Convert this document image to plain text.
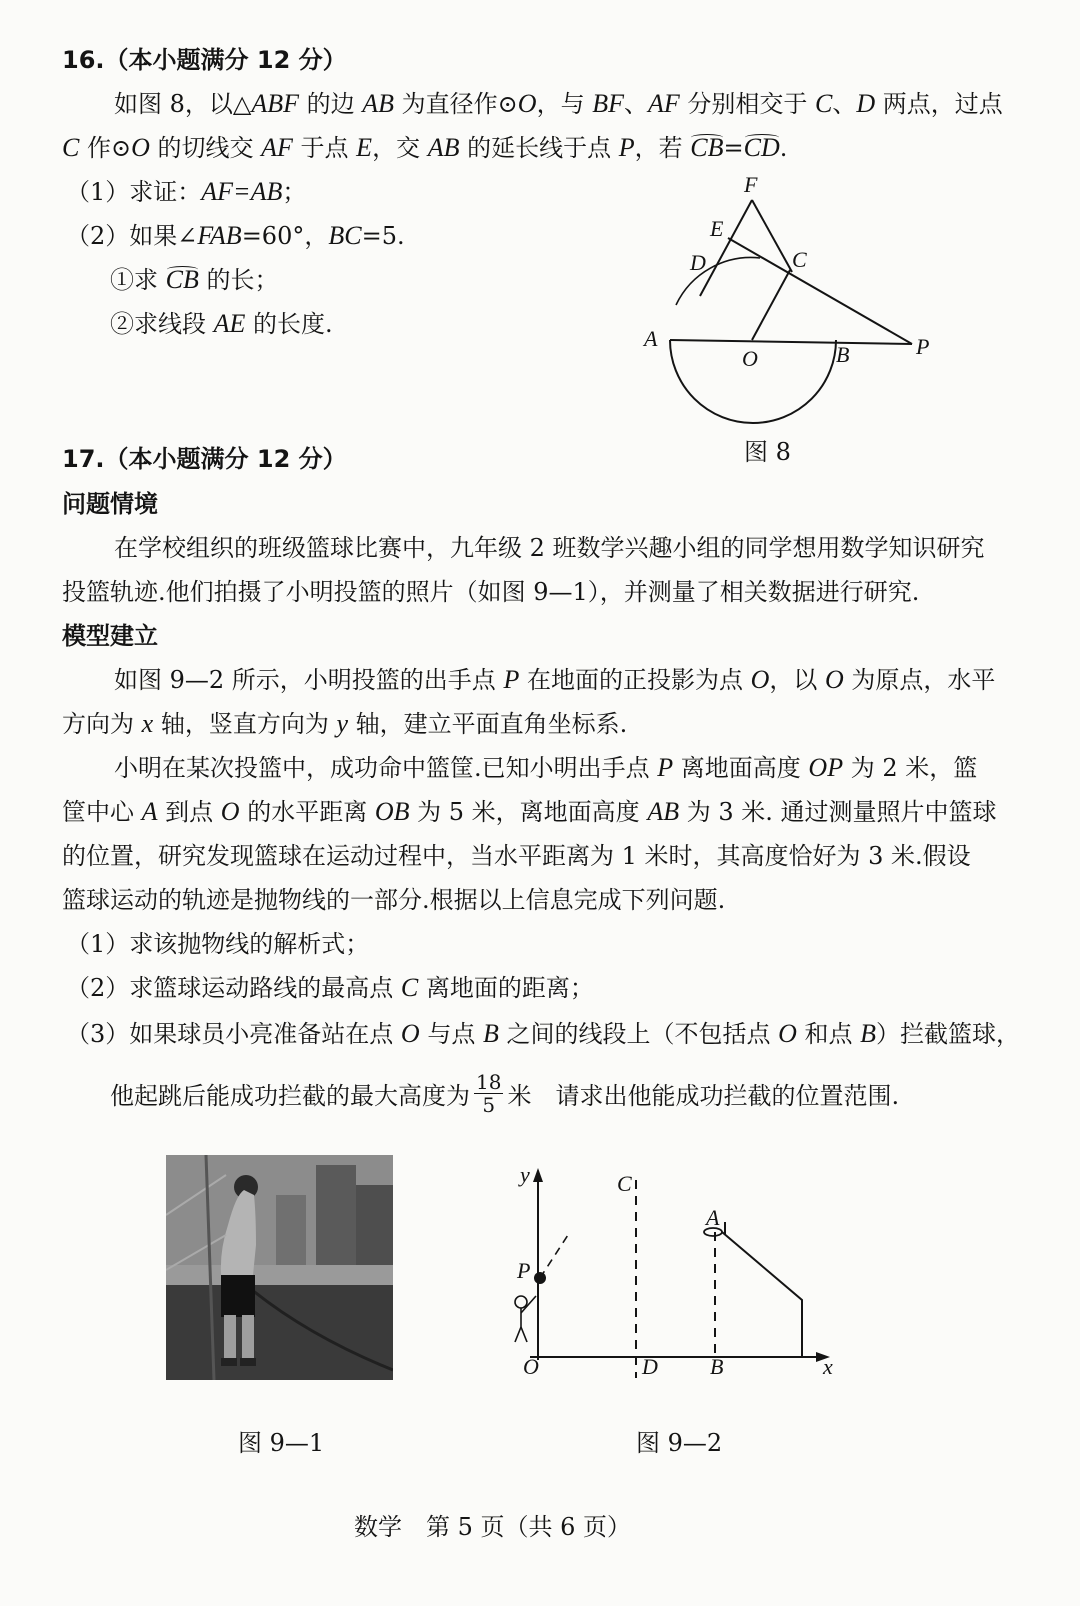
16.（本小题满分 12 分）
如图 8，以△ABF 的边 AB 为直径作⊙O，与 BF、AF 分别相交于 C、D 两点，过点
C 作⊙O 的切线交 AF 于点 E，交 AB 的延长线于点 P，若 CB=CD.
（1）求证：AF=AB；
（2）如果∠FAB=60°，BC=5.
①求 CB 的长；
②求线段 AE 的长度.
F
E
D	C
A
O	B	P
图 8
17.（本小题满分 12 分）
问题情境
在学校组织的班级篮球比赛中，九年级 2 班数学兴趣小组的同学想用数学知识研究
投篮轨迹.他们拍摄了小明投篮的照片（如图 9—1），并测量了相关数据进行研究.
模型建立
如图 9—2 所示，小明投篮的出手点 P 在地面的正投影为点 O，以 O 为原点，水平
方向为 x 轴，竖直方向为 y 轴，建立平面直角坐标系.
小明在某次投篮中，成功命中篮筐.已知小明出手点 P 离地面高度 OP 为 2 米，篮
筐中心 A 到点 O 的水平距离 OB 为 5 米，离地面高度 AB 为 3 米. 通过测量照片中篮球
的位置，研究发现篮球在运动过程中，当水平距离为 1 米时，其高度恰好为 3 米.假设
篮球运动的轨迹是抛物线的一部分.根据以上信息完成下列问题.
（1）求该抛物线的解析式；
（2）求篮球运动路线的最高点 C 离地面的距离；
（3）如果球员小亮准备站在点 O 与点 B 之间的线段上（不包括点 O 和点 B）拦截篮球，
他起跳后能成功拦截的最大高度为 $\frac{18}{5}$ 米　请求出他能成功拦截的位置范围.
图 9—1
y	C
A
P
O	D B	x
图 9—2
数学　第 5 页（共 6 页）
